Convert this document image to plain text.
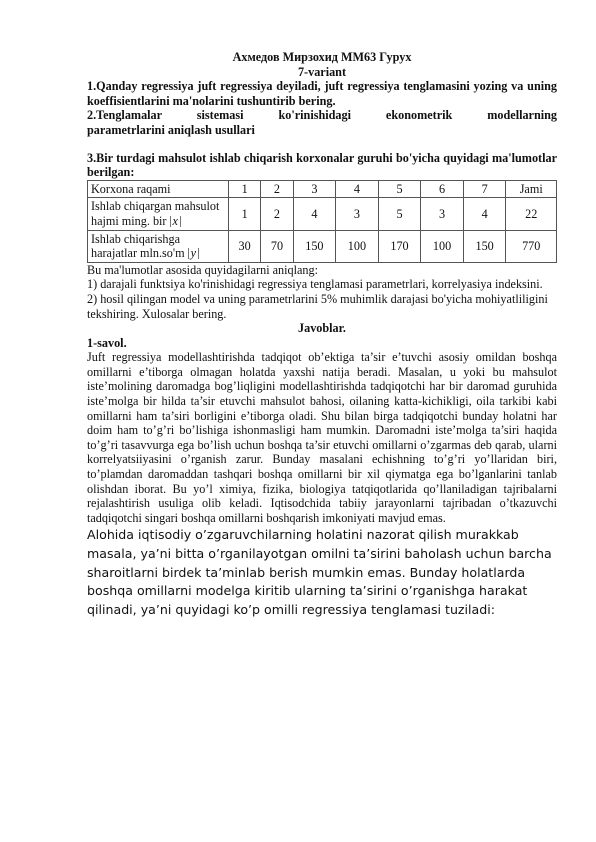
Ахмедов Мирзохид ММ63 Гурух
7-variant
1.Qanday regressiya juft regressiya deyiladi, juft regressiya tenglamasini yozing va uning koeffisientlarini ma'nolarini tushuntirib bering.
2.Tenglamalar sistemasi ko'rinishidagi ekonometrik modellarning
parametrlarini aniqlash usullari
3.Bir turdagi mahsulot ishlab chiqarish korxonalar guruhi bo'yicha quyidagi ma'lumotlar berilgan:
Korxona raqami	1	2	3	4	5	6	7	Jami
Ishlab chiqargan mahsulot hajmi ming. bir x	1	2	4	3	5	3	4	22
Ishlab chiqarishga harajatlar mln.so'm y	30	70	150	100	170	100	150	770
Bu ma'lumotlar asosida quyidagilarni aniqlang:
1) darajali funktsiya ko'rinishidagi regressiya tenglamasi parametrlari, korrelyasiya indeksini.
2) hosil qilingan model va uning parametrlarini 5% muhimlik darajasi bo'yicha mohiyatliligini tekshiring. Xulosalar bering.
Javoblar.
1-savol.
Juft regressiya modellashtirishda tadqiqot ob’ektiga ta’sir e’tuvchi asosiy omildan boshqa omillarni e’tiborga olmagan holatda yaxshi natija beradi. Masalan, u yoki bu mahsulot iste’molining daromadga bog’liqligini modellashtirishda tadqiqotchi har bir daromad guruhida iste’molga bir hilda ta’sir etuvchi mahsulot bahosi, oilaning katta-kichikligi, oila tarkibi kabi omillarni ham ta’siri borligini e’tiborga oladi. Shu bilan birga tadqiqotchi bunday holatni har doim ham to’g’ri bo’lishiga ishonmasligi ham mumkin. Daromadni iste’molga ta’siri haqida to’g’ri tasavvurga ega bo’lish uchun boshqa ta’sir etuvchi omillarni o’zgarmas deb qarab, ularni korrelyatsiiyasini o’rganish zarur. Bunday masalani echishning to’g’ri yo’llaridan biri, to’plamdan daromaddan tashqari boshqa omillarni bir xil qiymatga ega bo’lganlarini tanlab olishdan iborat. Bu yo’l ximiya, fizika, biologiya tatqiqotlarida qo’llaniladigan tajribalarni rejalashtirish usuliga olib keladi. Iqtisodchida tabiiy jarayonlarni tajribadan o’tkazuvchi tadqiqotchi singari boshqa omillarni boshqarish imkoniyati mavjud emas.
Alohida iqtisodiy o’zgaruvchilarning holatini nazorat qilish murakkab masala, ya’ni bitta o’rganilayotgan omilni ta’sirini baholash uchun barcha sharoitlarni birdek ta’minlab berish mumkin emas. Bunday holatlarda boshqa omillarni modelga kiritib ularning ta’sirini o’rganishga harakat qilinadi, ya’ni quyidagi ko’p omilli regressiya tenglamasi tuziladi:
